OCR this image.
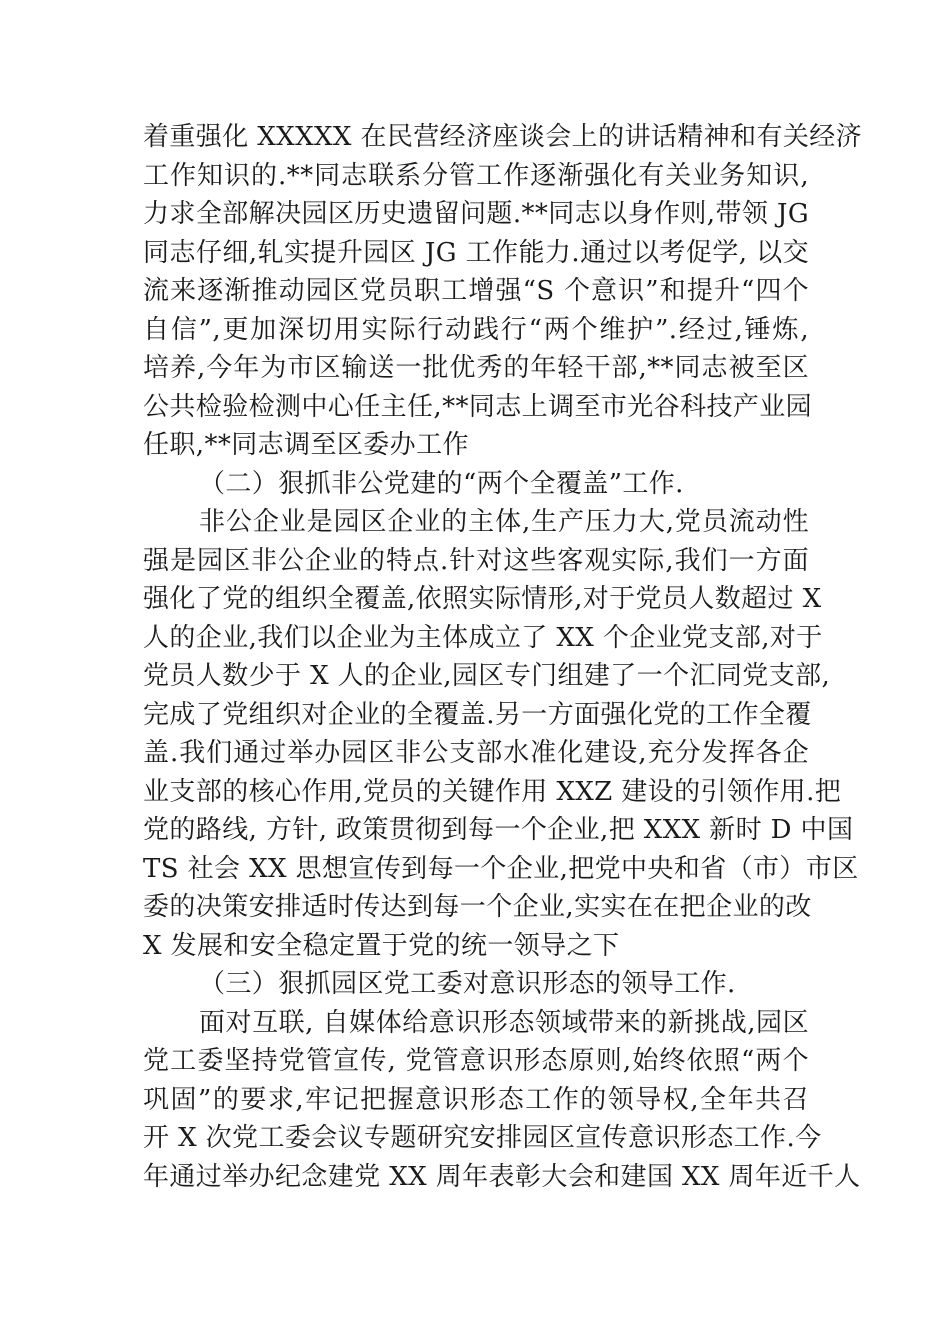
着重强化 XXXXX 在民营经济座谈会上的讲话精神和有关经济
工作知识的.**同志联系分管工作逐渐强化有关业务知识,
力求全部解决园区历史遗留问题.**同志以身作则,带领 JG
同志仔细,轧实提升园区 JG 工作能力.通过以考促学, 以交
流来逐渐推动园区党员职工增强“S 个意识”和提升“四个
自信”,更加深切用实际行动践行“两个维护”.经过,锤炼,
培养,今年为市区输送一批优秀的年轻干部,**同志被至区
公共检验检测中心任主任,**同志上调至市光谷科技产业园
任职,**同志调至区委办工作
（二）狠抓非公党建的“两个全覆盖”工作.
非公企业是园区企业的主体,生产压力大,党员流动性
强是园区非公企业的特点.针对这些客观实际,我们一方面
强化了党的组织全覆盖,依照实际情形,对于党员人数超过 X
人的企业,我们以企业为主体成立了 XX 个企业党支部,对于
党员人数少于 X 人的企业,园区专门组建了一个汇同党支部,
完成了党组织对企业的全覆盖.另一方面强化党的工作全覆
盖.我们通过举办园区非公支部水准化建设,充分发挥各企
业支部的核心作用,党员的关键作用 XXZ 建设的引领作用.把
党的路线, 方针, 政策贯彻到每一个企业,把 XXX 新时 D 中国
TS 社会 XX 思想宣传到每一个企业,把党中央和省（市）市区
委的决策安排适时传达到每一个企业,实实在在把企业的改
X 发展和安全稳定置于党的统一领导之下
（三）狠抓园区党工委对意识形态的领导工作.
面对互联, 自媒体给意识形态领域带来的新挑战,园区
党工委坚持党管宣传, 党管意识形态原则,始终依照“两个
巩固”的要求,牢记把握意识形态工作的领导权,全年共召
开 X 次党工委会议专题研究安排园区宣传意识形态工作.今
年通过举办纪念建党 XX 周年表彰大会和建国 XX 周年近千人
